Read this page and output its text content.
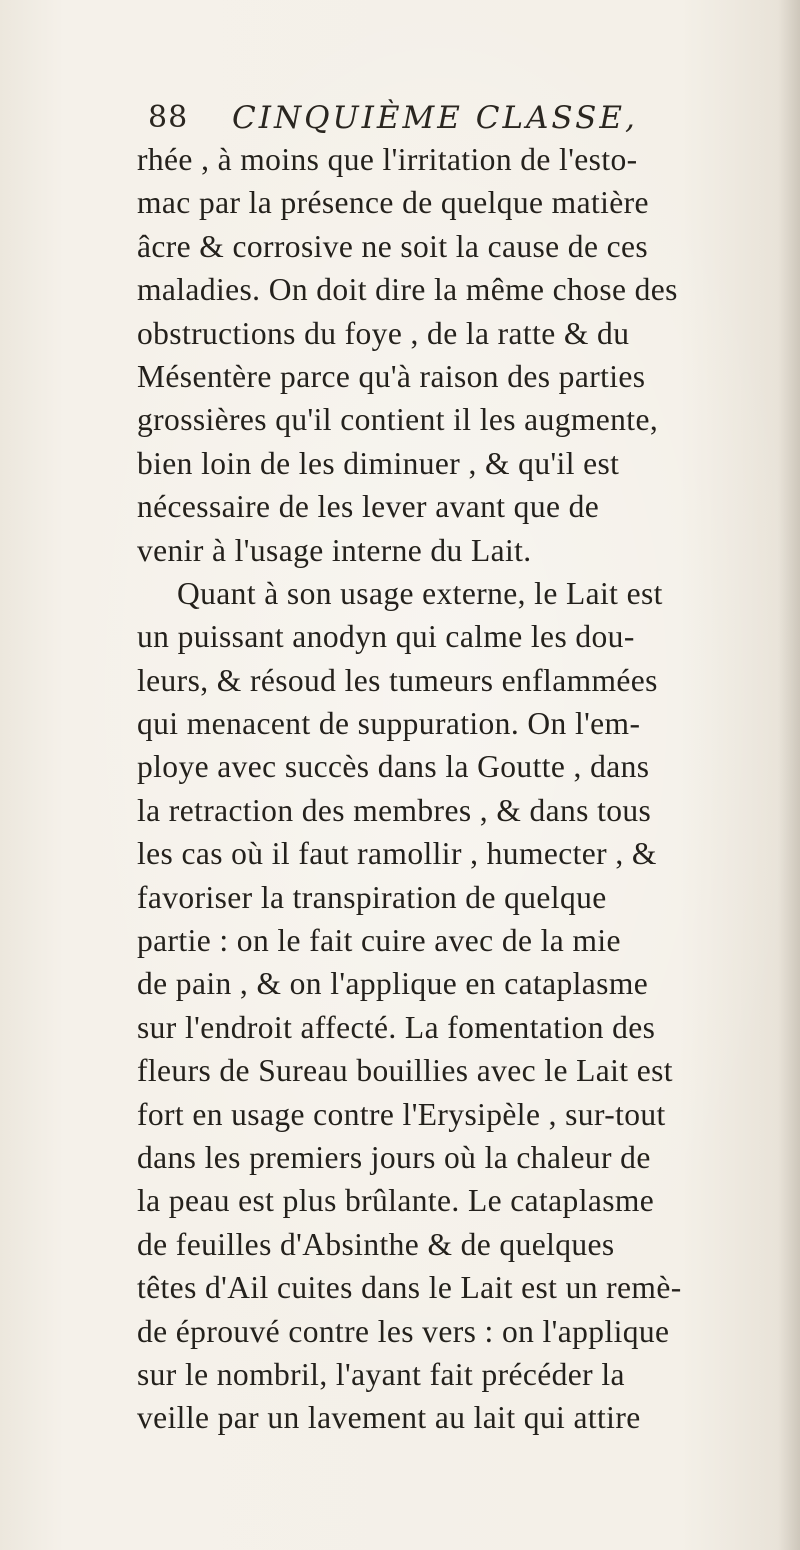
88 CINQUIÈME CLASSE,
rhée , à moins que l'irritation de l'esto-
mac par la présence de quelque matière
âcre & corrosive ne soit la cause de ces
maladies. On doit dire la même chose des
obstructions du foye , de la ratte & du
Mésentère parce qu'à raison des parties
grossières qu'il contient il les augmente,
bien loin de les diminuer , & qu'il est
nécessaire de les lever avant que de
venir à l'usage interne du Lait.
Quant à son usage externe, le Lait est
un puissant anodyn qui calme les dou-
leurs, & résoud les tumeurs enflammées
qui menacent de suppuration. On l'em-
ploye avec succès dans la Goutte , dans
la retraction des membres , & dans tous
les cas où il faut ramollir , humecter , &
favoriser la transpiration de quelque
partie : on le fait cuire avec de la mie
de pain , & on l'applique en cataplasme
sur l'endroit affecté. La fomentation des
fleurs de Sureau bouillies avec le Lait est
fort en usage contre l'Erysipèle , sur-tout
dans les premiers jours où la chaleur de
la peau est plus brûlante. Le cataplasme
de feuilles d'Absinthe & de quelques
têtes d'Ail cuites dans le Lait est un remè-
de éprouvé contre les vers : on l'applique
sur le nombril, l'ayant fait précéder la
veille par un lavement au lait qui attire
